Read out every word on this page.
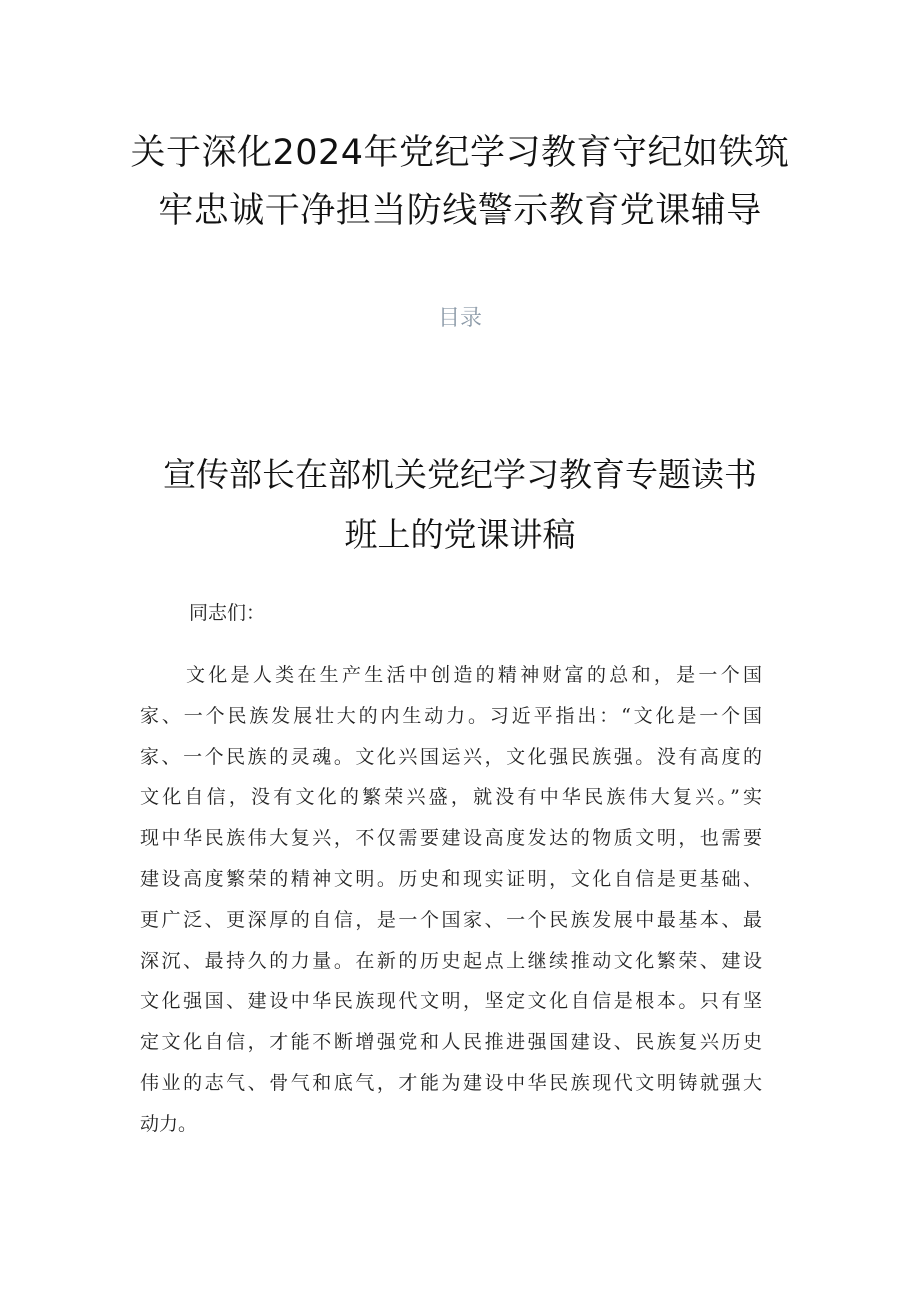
关于深化2024年党纪学习教育守纪如铁筑
牢忠诚干净担当防线警示教育党课辅导
目录
宣传部长在部机关党纪学习教育专题读书
班上的党课讲稿
同志们：
文化是人类在生产生活中创造的精神财富的总和，是一个国
家、一个民族发展壮大的内生动力。习近平指出：“文化是一个国
家、一个民族的灵魂。文化兴国运兴，文化强民族强。没有高度的
文化自信，没有文化的繁荣兴盛，就没有中华民族伟大复兴。”实
现中华民族伟大复兴，不仅需要建设高度发达的物质文明，也需要
建设高度繁荣的精神文明。历史和现实证明，文化自信是更基础、
更广泛、更深厚的自信，是一个国家、一个民族发展中最基本、最
深沉、最持久的力量。在新的历史起点上继续推动文化繁荣、建设
文化强国、建设中华民族现代文明，坚定文化自信是根本。只有坚
定文化自信，才能不断增强党和人民推进强国建设、民族复兴历史
伟业的志气、骨气和底气，才能为建设中华民族现代文明铸就强大
动力。
